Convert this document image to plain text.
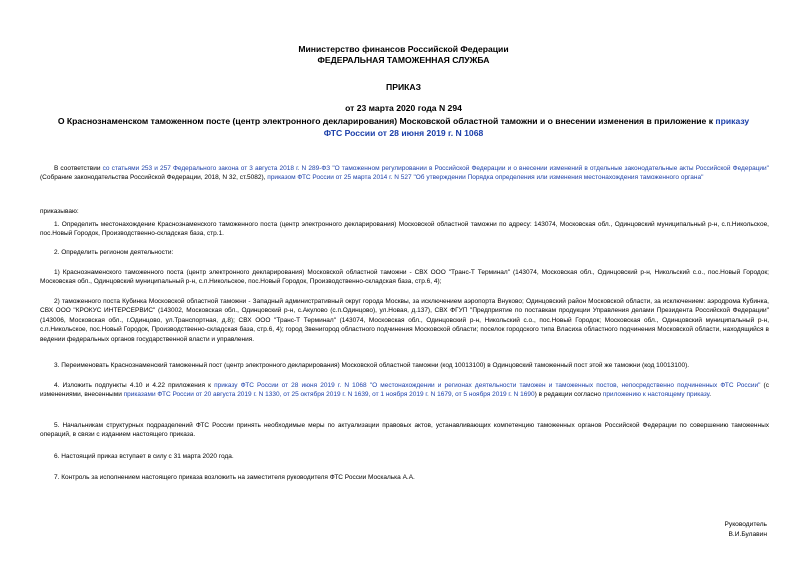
Министерство финансов Российской Федерации
ФЕДЕРАЛЬНАЯ ТАМОЖЕННАЯ СЛУЖБА
ПРИКАЗ
от 23 марта 2020 года N 294
О Краснознаменском таможенном посте (центр электронного декларирования) Московской областной таможни и о внесении изменения в приложение к приказу
ФТС России от 28 июня 2019 г. N 1068
В соответствии со статьями 253 и 257 Федерального закона от 3 августа 2018 г. N 289-ФЗ "О таможенном регулировании в Российской Федерации и о внесении изменений в отдельные законодательные акты Российской Федерации" (Собрание законодательства Российской Федерации, 2018, N 32, ст.5082), приказом ФТС России от 25 марта 2014 г. N 527 "Об утверждении Порядка определения или изменения местонахождения таможенного органа"
приказываю:
1. Определить местонахождение Краснознаменского таможенного поста (центр электронного декларирования) Московской областной таможни по адресу: 143074, Московская обл., Одинцовский муниципальный р-н, с.п.Никольское, пос.Новый Городок, Производственно-складская база, стр.1.
2. Определить регионом деятельности:
1) Краснознаменского таможенного поста (центр электронного декларирования) Московской областной таможни - СВХ ООО "Транс-Т Терминал" (143074, Московская обл., Одинцовский р-н, Никольский с.о., пос.Новый Городок; Московская обл., Одинцовский муниципальный р-н, с.п.Никольское, пос.Новый Городок, Производственно-складская база, стр.6, 4);
2) таможенного поста Кубинка Московской областной таможни - Западный административный округ города Москвы, за исключением аэропорта Внуково; Одинцовский район Московской области, за исключением: аэродрома Кубинка, СВХ ООО "КРОКУС ИНТЕРСЕРВИС" (143002, Московская обл., Одинцовский р-н, с.Акулово (с.п.Одинцово), ул.Новая, д.137), СВХ ФГУП "Предприятие по поставкам продукции Управления делами Президента Российской Федерации" (143006, Московская обл., г.Одинцово, ул.Транспортная, д.8); СВХ ООО "Транс-Т Терминал" (143074, Московская обл., Одинцовский р-н, Никольский с.о., пос.Новый Городок; Московская обл., Одинцовский муниципальный р-н, с.п.Никольское, пос.Новый Городок, Производственно-складская база, стр.6, 4); город Звенигород областного подчинения Московской области; поселок городского типа Власиха областного подчинения Московской области, находящийся в ведении федеральных органов государственной власти и управления.
3. Переименовать Краснознаменский таможенный пост (центр электронного декларирования) Московской областной таможни (код 10013100) в Одинцовский таможенный пост этой же таможни (код 10013100).
4. Изложить подпункты 4.10 и 4.22 приложения к приказу ФТС России от 28 июня 2019 г. N 1068 "О местонахождении и регионах деятельности таможен и таможенных постов, непосредственно подчиненных ФТС России" (с изменениями, внесенными приказами ФТС России от 20 августа 2019 г. N 1330, от 25 октября 2019 г. N 1639, от 1 ноября 2019 г. N 1679, от 5 ноября 2019 г. N 1690) в редакции согласно приложению к настоящему приказу.
5. Начальникам структурных подразделений ФТС России принять необходимые меры по актуализации правовых актов, устанавливающих компетенцию таможенных органов Российской Федерации по совершению таможенных операций, в связи с изданием настоящего приказа.
6. Настоящий приказ вступает в силу с 31 марта 2020 года.
7. Контроль за исполнением настоящего приказа возложить на заместителя руководителя ФТС России Москалька А.А.
Руководитель
В.И.Булавин
